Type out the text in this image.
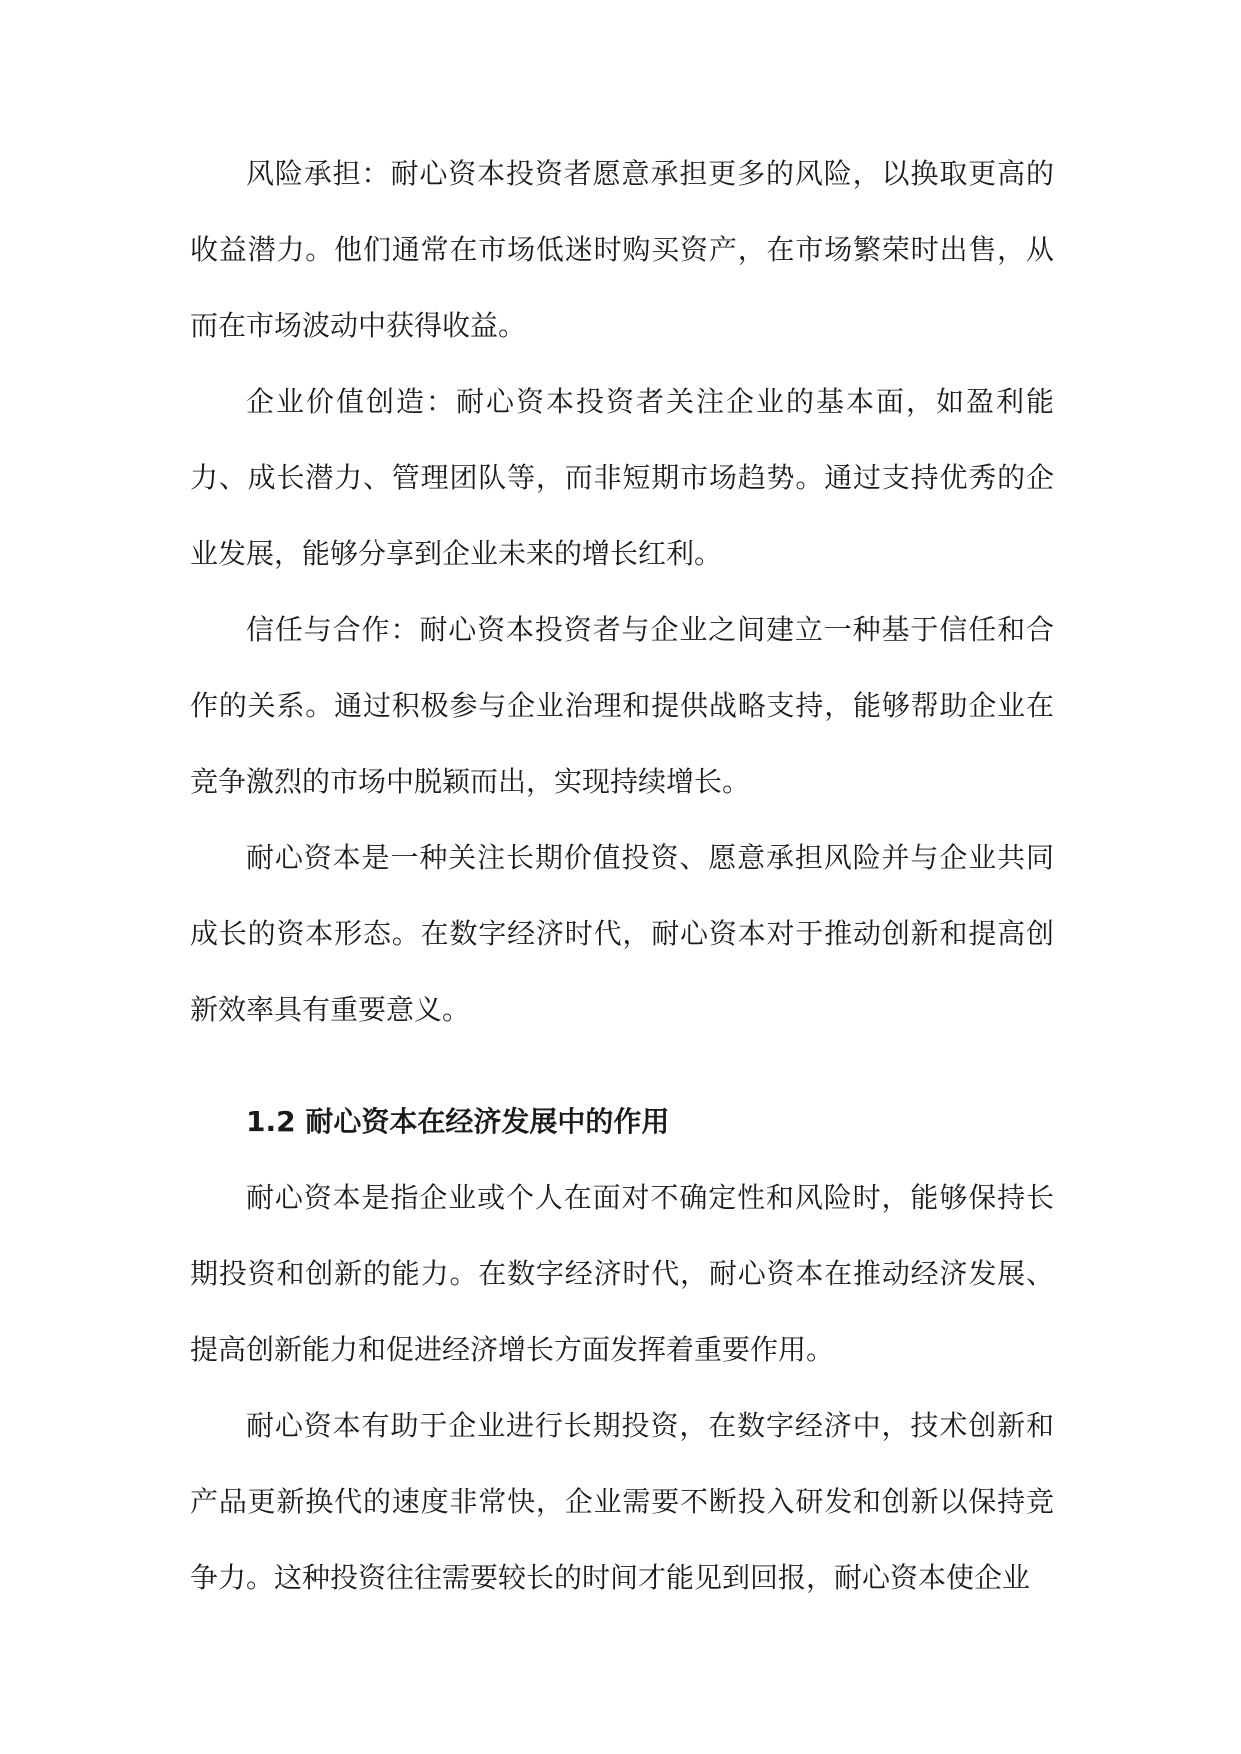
风险承担：耐心资本投资者愿意承担更多的风险，以换取更高的收益潜力。他们通常在市场低迷时购买资产，在市场繁荣时出售，从而在市场波动中获得收益。

企业价值创造：耐心资本投资者关注企业的基本面，如盈利能力、成长潜力、管理团队等，而非短期市场趋势。通过支持优秀的企业发展，能够分享到企业未来的增长红利。

信任与合作：耐心资本投资者与企业之间建立一种基于信任和合作的关系。通过积极参与企业治理和提供战略支持，能够帮助企业在竞争激烈的市场中脱颖而出，实现持续增长。

耐心资本是一种关注长期价值投资、愿意承担风险并与企业共同成长的资本形态。在数字经济时代，耐心资本对于推动创新和提高创新效率具有重要意义。

1.2 耐心资本在经济发展中的作用

耐心资本是指企业或个人在面对不确定性和风险时，能够保持长期投资和创新的能力。在数字经济时代，耐心资本在推动经济发展、提高创新能力和促进经济增长方面发挥着重要作用。

耐心资本有助于企业进行长期投资，在数字经济中，技术创新和产品更新换代的速度非常快，企业需要不断投入研发和创新以保持竞争力。这种投资往往需要较长的时间才能见到回报，耐心资本使企业
